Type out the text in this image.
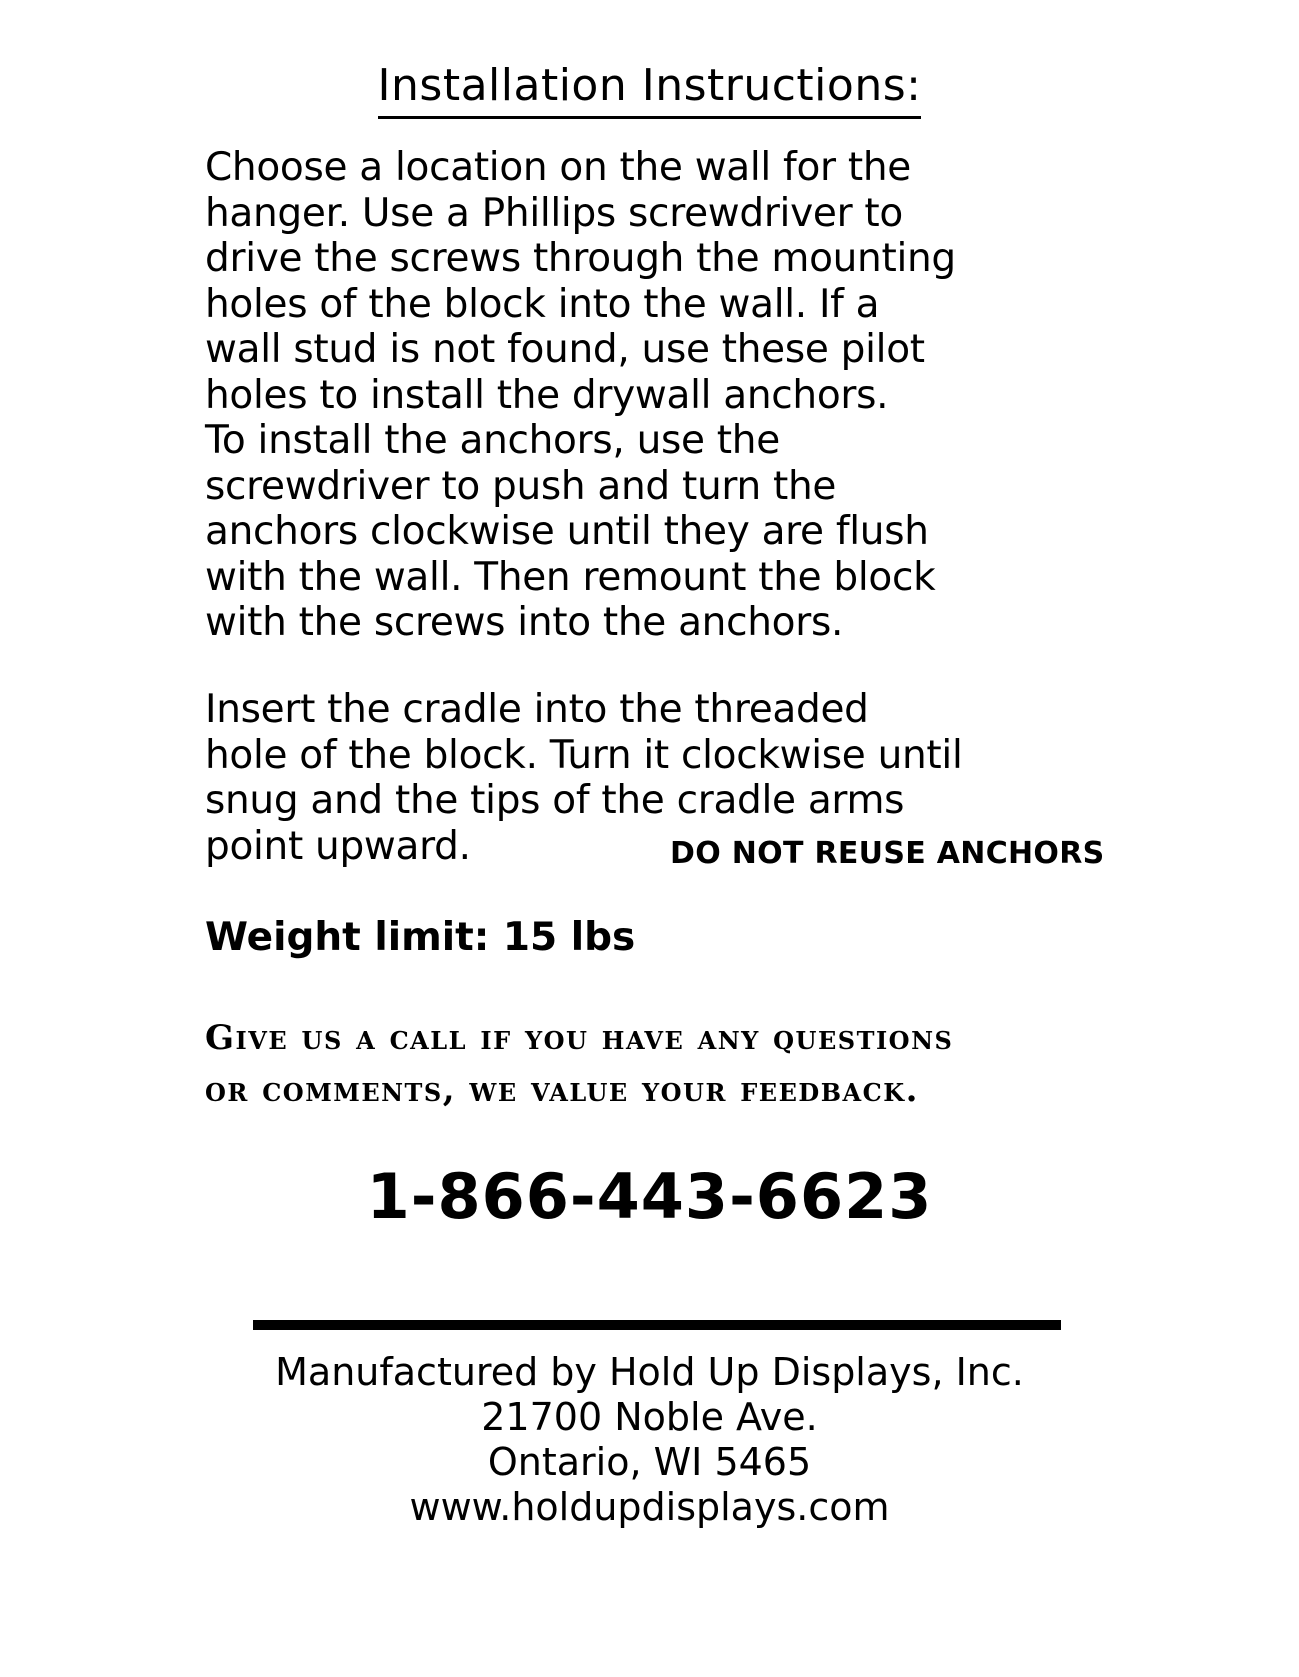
Installation Instructions:
Choose a location on the wall for the
hanger. Use a Phillips screwdriver to
drive the screws through the mounting
holes of the block into the wall. If a
wall stud is not found, use these pilot
holes to install the drywall anchors.
To install the anchors, use the
screwdriver to push and turn the
anchors clockwise until they are flush
with the wall. Then remount the block
with the screws into the anchors.
Insert the cradle into the threaded
hole of the block. Turn it clockwise until
snug and the tips of the cradle arms
point upward.	DO NOT REUSE ANCHORS
Weight limit: 15 lbs
Give us a call if you have any questions
or comments, we value your feedback.
1-866-443-6623
Manufactured by Hold Up Displays, Inc.
21700 Noble Ave.
Ontario, WI 5465
www.holdupdisplays.com
